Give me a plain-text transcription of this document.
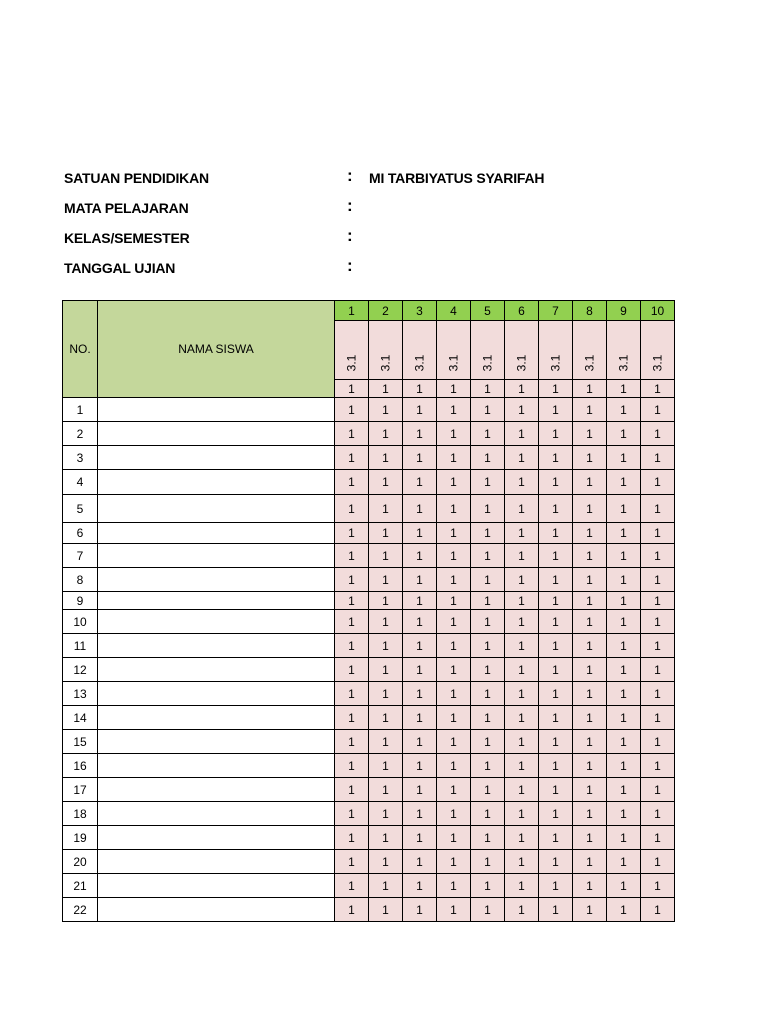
SATUAN PENDIDIKAN	: MI TARBIYATUS SYARIFAH
MATA PELAJARAN	:
KELAS/SEMESTER	:
TANGGAL UJIAN	:
NO.	NAMA SISWA	1	2	3	4	5	6	7	8	9	10
		3.1	3.1	3.1	3.1	3.1	3.1	3.1	3.1	3.1	3.1
		1	1	1	1	1	1	1	1	1	1
1		1	1	1	1	1	1	1	1	1	1
2		1	1	1	1	1	1	1	1	1	1
3		1	1	1	1	1	1	1	1	1	1
4		1	1	1	1	1	1	1	1	1	1
5		1	1	1	1	1	1	1	1	1	1
6		1	1	1	1	1	1	1	1	1	1
7		1	1	1	1	1	1	1	1	1	1
8		1	1	1	1	1	1	1	1	1	1
9		1	1	1	1	1	1	1	1	1	1
10		1	1	1	1	1	1	1	1	1	1
11		1	1	1	1	1	1	1	1	1	1
12		1	1	1	1	1	1	1	1	1	1
13		1	1	1	1	1	1	1	1	1	1
14		1	1	1	1	1	1	1	1	1	1
15		1	1	1	1	1	1	1	1	1	1
16		1	1	1	1	1	1	1	1	1	1
17		1	1	1	1	1	1	1	1	1	1
18		1	1	1	1	1	1	1	1	1	1
19		1	1	1	1	1	1	1	1	1	1
20		1	1	1	1	1	1	1	1	1	1
21		1	1	1	1	1	1	1	1	1	1
22		1	1	1	1	1	1	1	1	1	1
